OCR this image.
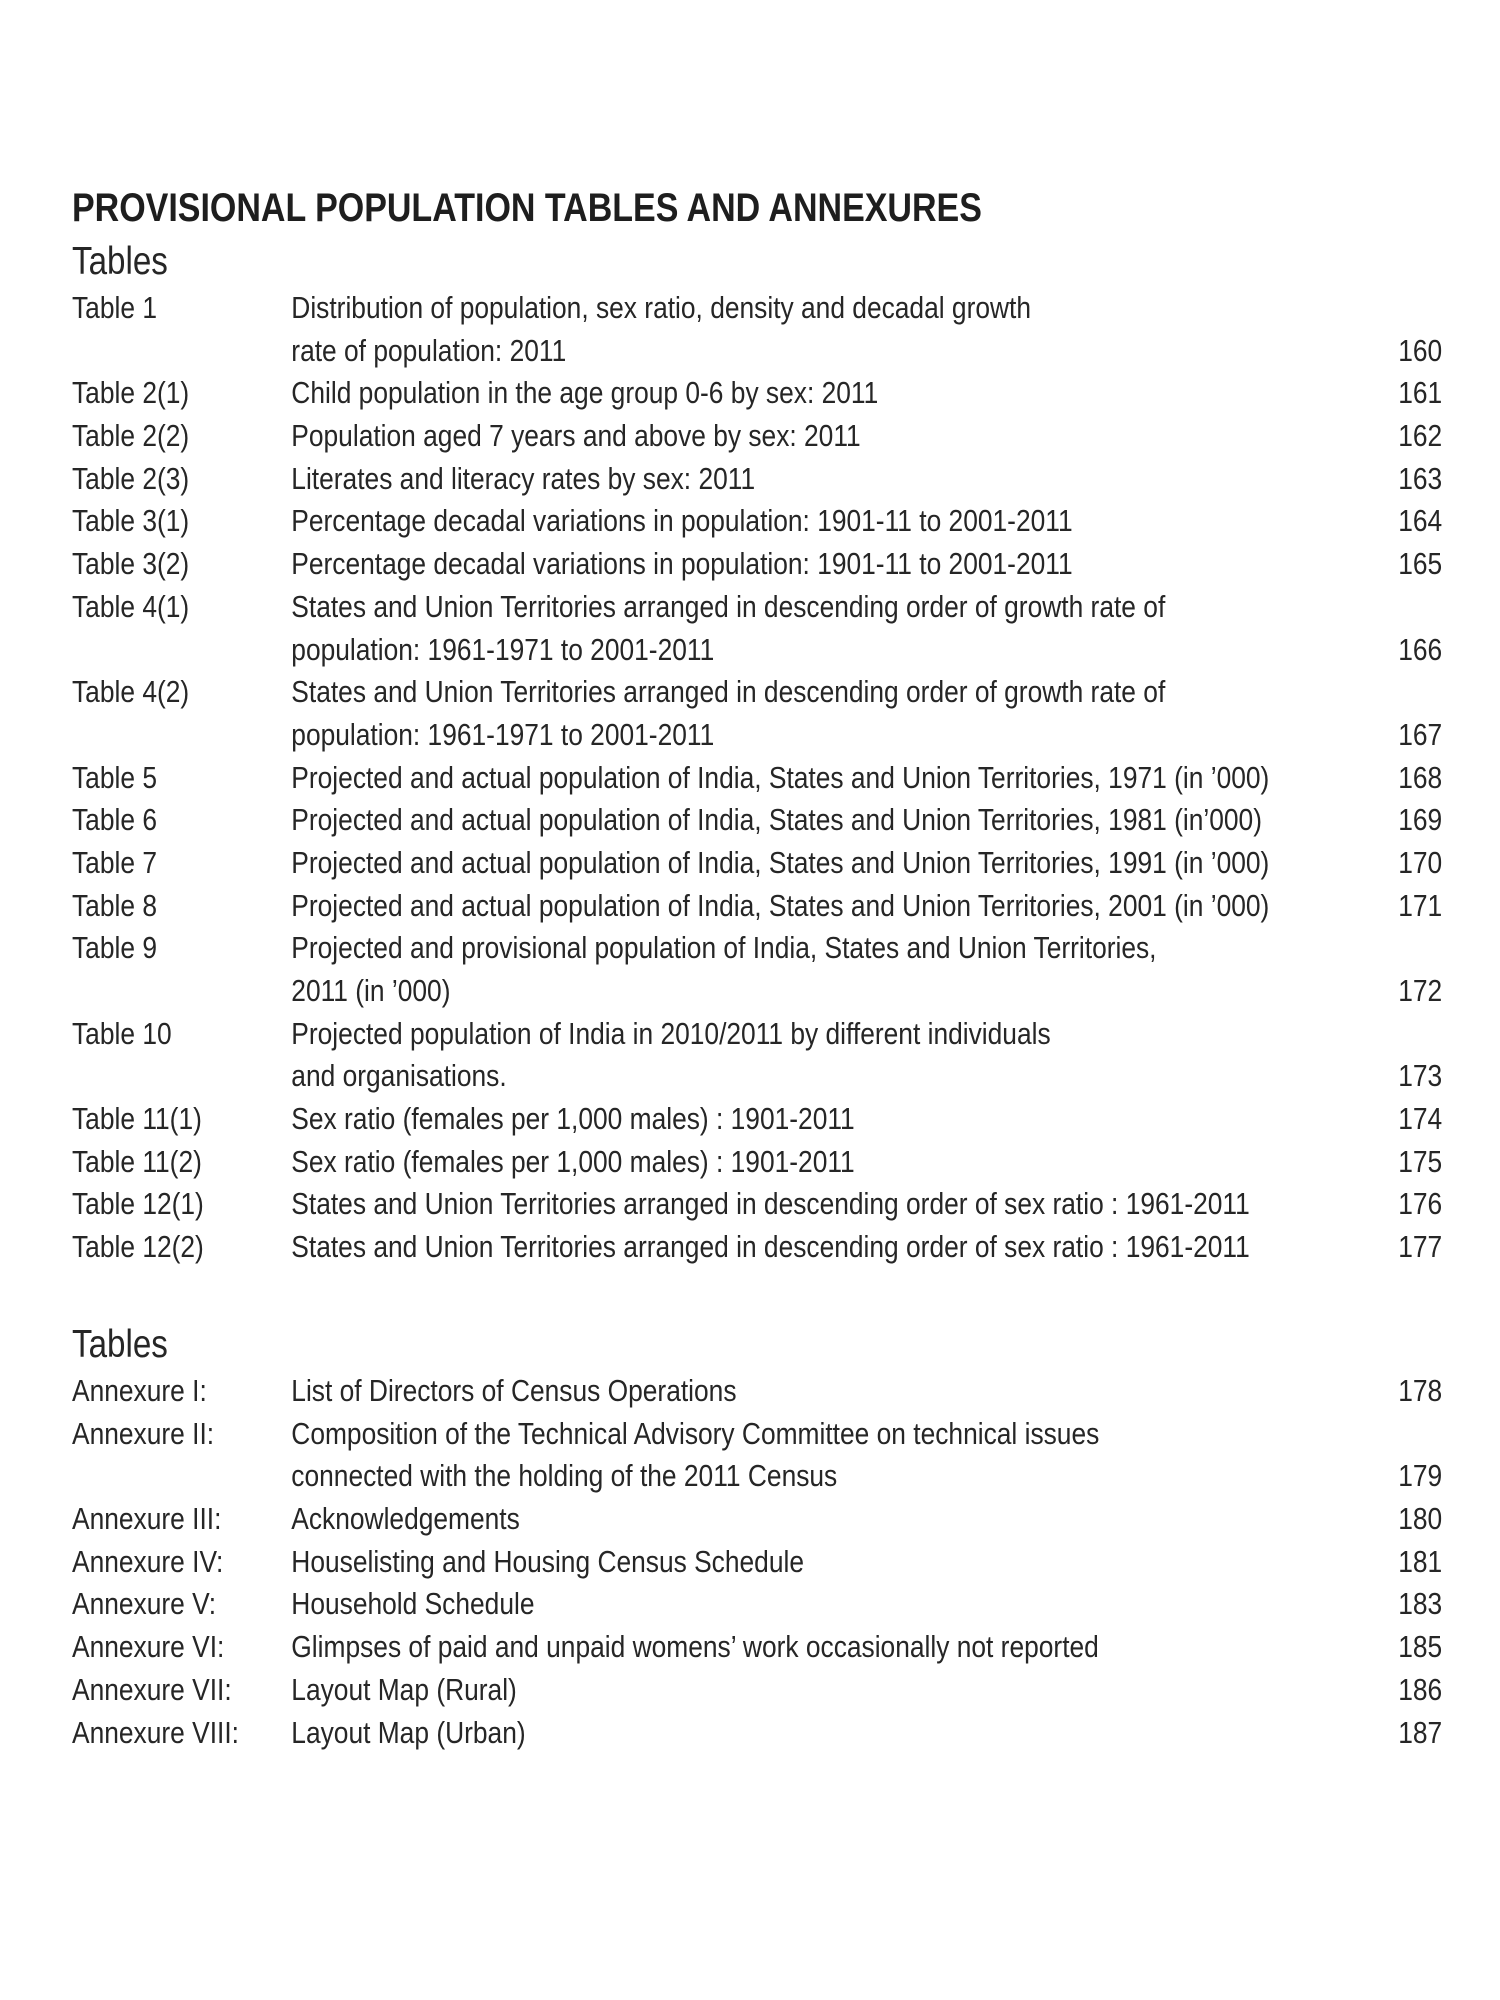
PROVISIONAL POPULATION TABLES AND ANNEXURES
Tables
Table 1	Distribution of population, sex ratio, density and decadal growth
rate of population: 2011	160
Table 2(1)	Child population in the age group 0-6 by sex: 2011	161
Table 2(2)	Population aged 7 years and above by sex: 2011	162
Table 2(3)	Literates and literacy rates by sex: 2011	163
Table 3(1)	Percentage decadal variations in population: 1901-11 to 2001-2011	164
Table 3(2)	Percentage decadal variations in population: 1901-11 to 2001-2011	165
Table 4(1)	States and Union Territories arranged in descending order of growth rate of
population: 1961-1971 to 2001-2011	166
Table 4(2)	States and Union Territories arranged in descending order of growth rate of
population: 1961-1971 to 2001-2011	167
Table 5	Projected and actual population of India, States and Union Territories, 1971 (in ’000)	168
Table 6	Projected and actual population of India, States and Union Territories, 1981 (in’000)	169
Table 7	Projected and actual population of India, States and Union Territories, 1991 (in ’000)	170
Table 8	Projected and actual population of India, States and Union Territories, 2001 (in ’000)	171
Table 9	Projected and provisional population of India, States and Union Territories,
2011 (in ’000)	172
Table 10	Projected population of India in 2010/2011 by different individuals
and organisations.	173
Table 11(1)	Sex ratio (females per 1,000 males) : 1901-2011	174
Table 11(2)	Sex ratio (females per 1,000 males) : 1901-2011	175
Table 12(1)	States and Union Territories arranged in descending order of sex ratio : 1961-2011	176
Table 12(2)	States and Union Territories arranged in descending order of sex ratio : 1961-2011	177
Tables
Annexure I:	List of Directors of Census Operations	178
Annexure II: Composition of the Technical Advisory Committee on technical issues
connected with the holding of the 2011 Census	179
Annexure III: Acknowledgements	180
Annexure IV: Houselisting and Housing Census Schedule	181
Annexure V: Household Schedule	183
Annexure VI: Glimpses of paid and unpaid womens’ work occasionally not reported	185
Annexure VII: Layout Map (Rural)	186
Annexure VIII: Layout Map (Urban)	187
